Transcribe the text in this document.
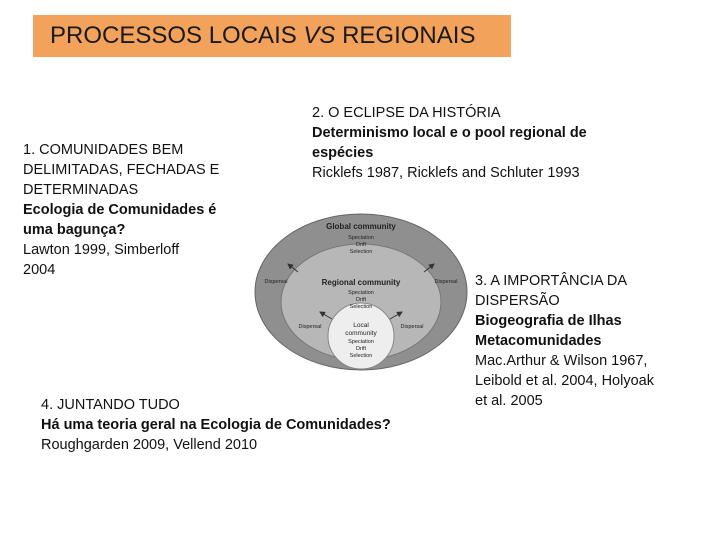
PROCESSOS LOCAIS VS REGIONAIS
1. COMUNIDADES BEM
DELIMITADAS, FECHADAS E
DETERMINADAS
Ecologia de Comunidades é
uma bagunça?
Lawton 1999, Simberloff
2004
2. O ECLIPSE DA HISTÓRIA
Determinismo local e o pool regional de
espécies
Ricklefs 1987, Ricklefs and Schluter 1993
3. A IMPORTÂNCIA DA
DISPERSÃO
Biogeografia de Ilhas
Metacomunidades
Mac.Arthur & Wilson 1967,
Leibold et al. 2004, Holyoak
et al. 2005
4. JUNTANDO TUDO
Há uma teoria geral na Ecologia de Comunidades?
Roughgarden 2009, Vellend 2010
Global community
Speciation
Drift
Selection
Regional community
Speciation
Drift
Selection
Local
community
Speciation
Drift
Selection
Dispersal	Dispersal
Dispersal	Dispersal
